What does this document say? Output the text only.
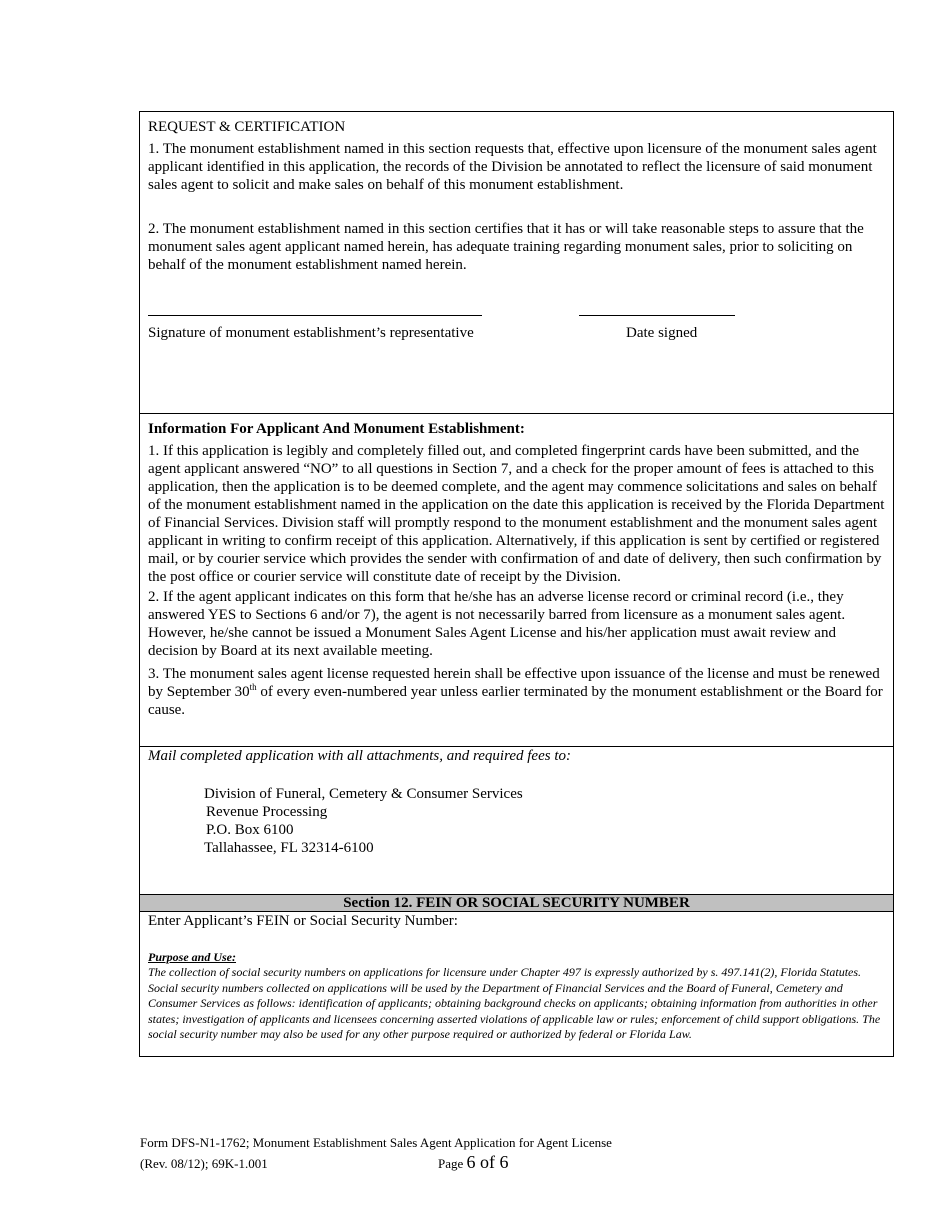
REQUEST & CERTIFICATION

1. The monument establishment named in this section requests that, effective upon licensure of the monument sales agent applicant identified in this application, the records of the Division be annotated to reflect the licensure of said monument sales agent to solicit and make sales on behalf of this monument establishment.

2. The monument establishment named in this section certifies that it has or will take reasonable steps to assure that the monument sales agent applicant named herein, has adequate training regarding monument sales, prior to soliciting on behalf of the monument establishment named herein.

Signature of monument establishment’s representative	Date signed
Information For Applicant And Monument Establishment:

1. If this application is legibly and completely filled out, and completed fingerprint cards have been submitted, and the agent applicant answered “NO” to all questions in Section 7, and a check for the proper amount of fees is attached to this application, then the application is to be deemed complete, and the agent may commence solicitations and sales on behalf of the monument establishment named in the application on the date this application is received by the Florida Department of Financial Services. Division staff will promptly respond to the monument establishment and the monument sales agent applicant in writing to confirm receipt of this application. Alternatively, if this application is sent by certified or registered mail, or by courier service which provides the sender with confirmation of and date of delivery, then such confirmation by the post office or courier service will constitute date of receipt by the Division.

2. If the agent applicant indicates on this form that he/she has an adverse license record or criminal record (i.e., they answered YES to Sections 6 and/or 7), the agent is not necessarily barred from licensure as a monument sales agent. However, he/she cannot be issued a Monument Sales Agent License and his/her application must await review and decision by Board at its next available meeting.

3. The monument sales agent license requested herein shall be effective upon issuance of the license and must be renewed by September 30th of every even-numbered year unless earlier terminated by the monument establishment or the Board for cause.

Mail completed application with all attachments, and required fees to:
Division of Funeral, Cemetery & Consumer Services
Revenue Processing
P.O. Box 6100
Tallahassee, FL 32314-6100
Section 12. FEIN OR SOCIAL SECURITY NUMBER
Enter Applicant’s FEIN or Social Security Number:
Purpose and Use:

The collection of social security numbers on applications for licensure under Chapter 497 is expressly authorized by s. 497.141(2), Florida Statutes. Social security numbers collected on applications will be used by the Department of Financial Services and the Board of Funeral, Cemetery and Consumer Services as follows: identification of applicants; obtaining background checks on applicants; obtaining information from authorities in other states; investigation of applicants and licensees concerning asserted violations of applicable law or rules; enforcement of child support obligations. The social security number may also be used for any other purpose required or authorized by federal or Florida Law.

Form DFS-N1-1762; Monument Establishment Sales Agent Application for Agent License
(Rev. 08/12); 69K-1.001	Page 6 of 6
